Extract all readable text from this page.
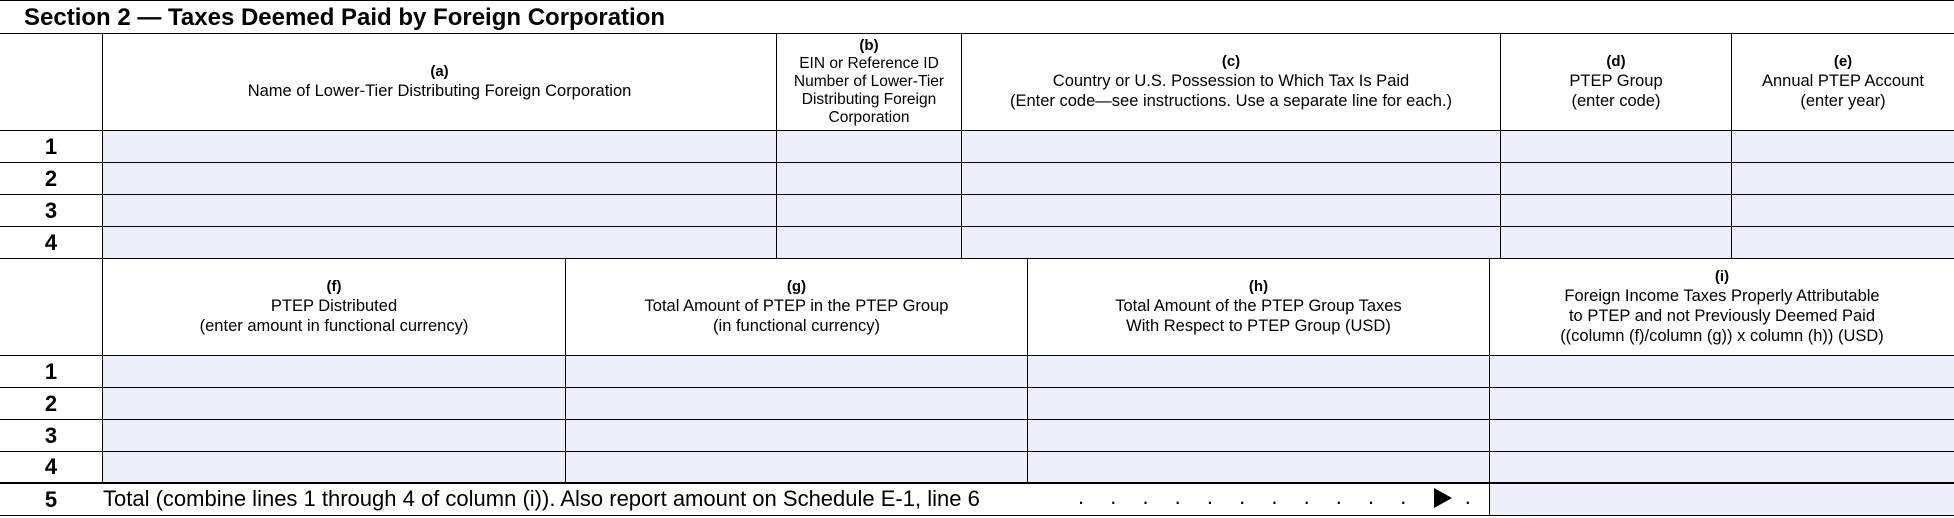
Section 2 — Taxes Deemed Paid by Foreign Corporation
(a)
Name of Lower-Tier Distributing Foreign Corporation
(b)
EIN or Reference ID
Number of Lower-Tier
Distributing Foreign
Corporation
(c)
Country or U.S. Possession to Which Tax Is Paid
(Enter code—see instructions. Use a separate line for each.)
(d)
PTEP Group
(enter code)
(e)
Annual PTEP Account
(enter year)
(f)
PTEP Distributed
(enter amount in functional currency)
(g)
Total Amount of PTEP in the PTEP Group
(in functional currency)
(h)
Total Amount of the PTEP Group Taxes
With Respect to PTEP Group (USD)
(i)
Foreign Income Taxes Properly Attributable
to PTEP and not Previously Deemed Paid
((column (f)/column (g)) x column (h)) (USD)
1
2
3
4
1
2
3
4
5	Total (combine lines 1 through 4 of column (i)). Also report amount on Schedule E-1, line 6	. . . . . . . . . . . . .
